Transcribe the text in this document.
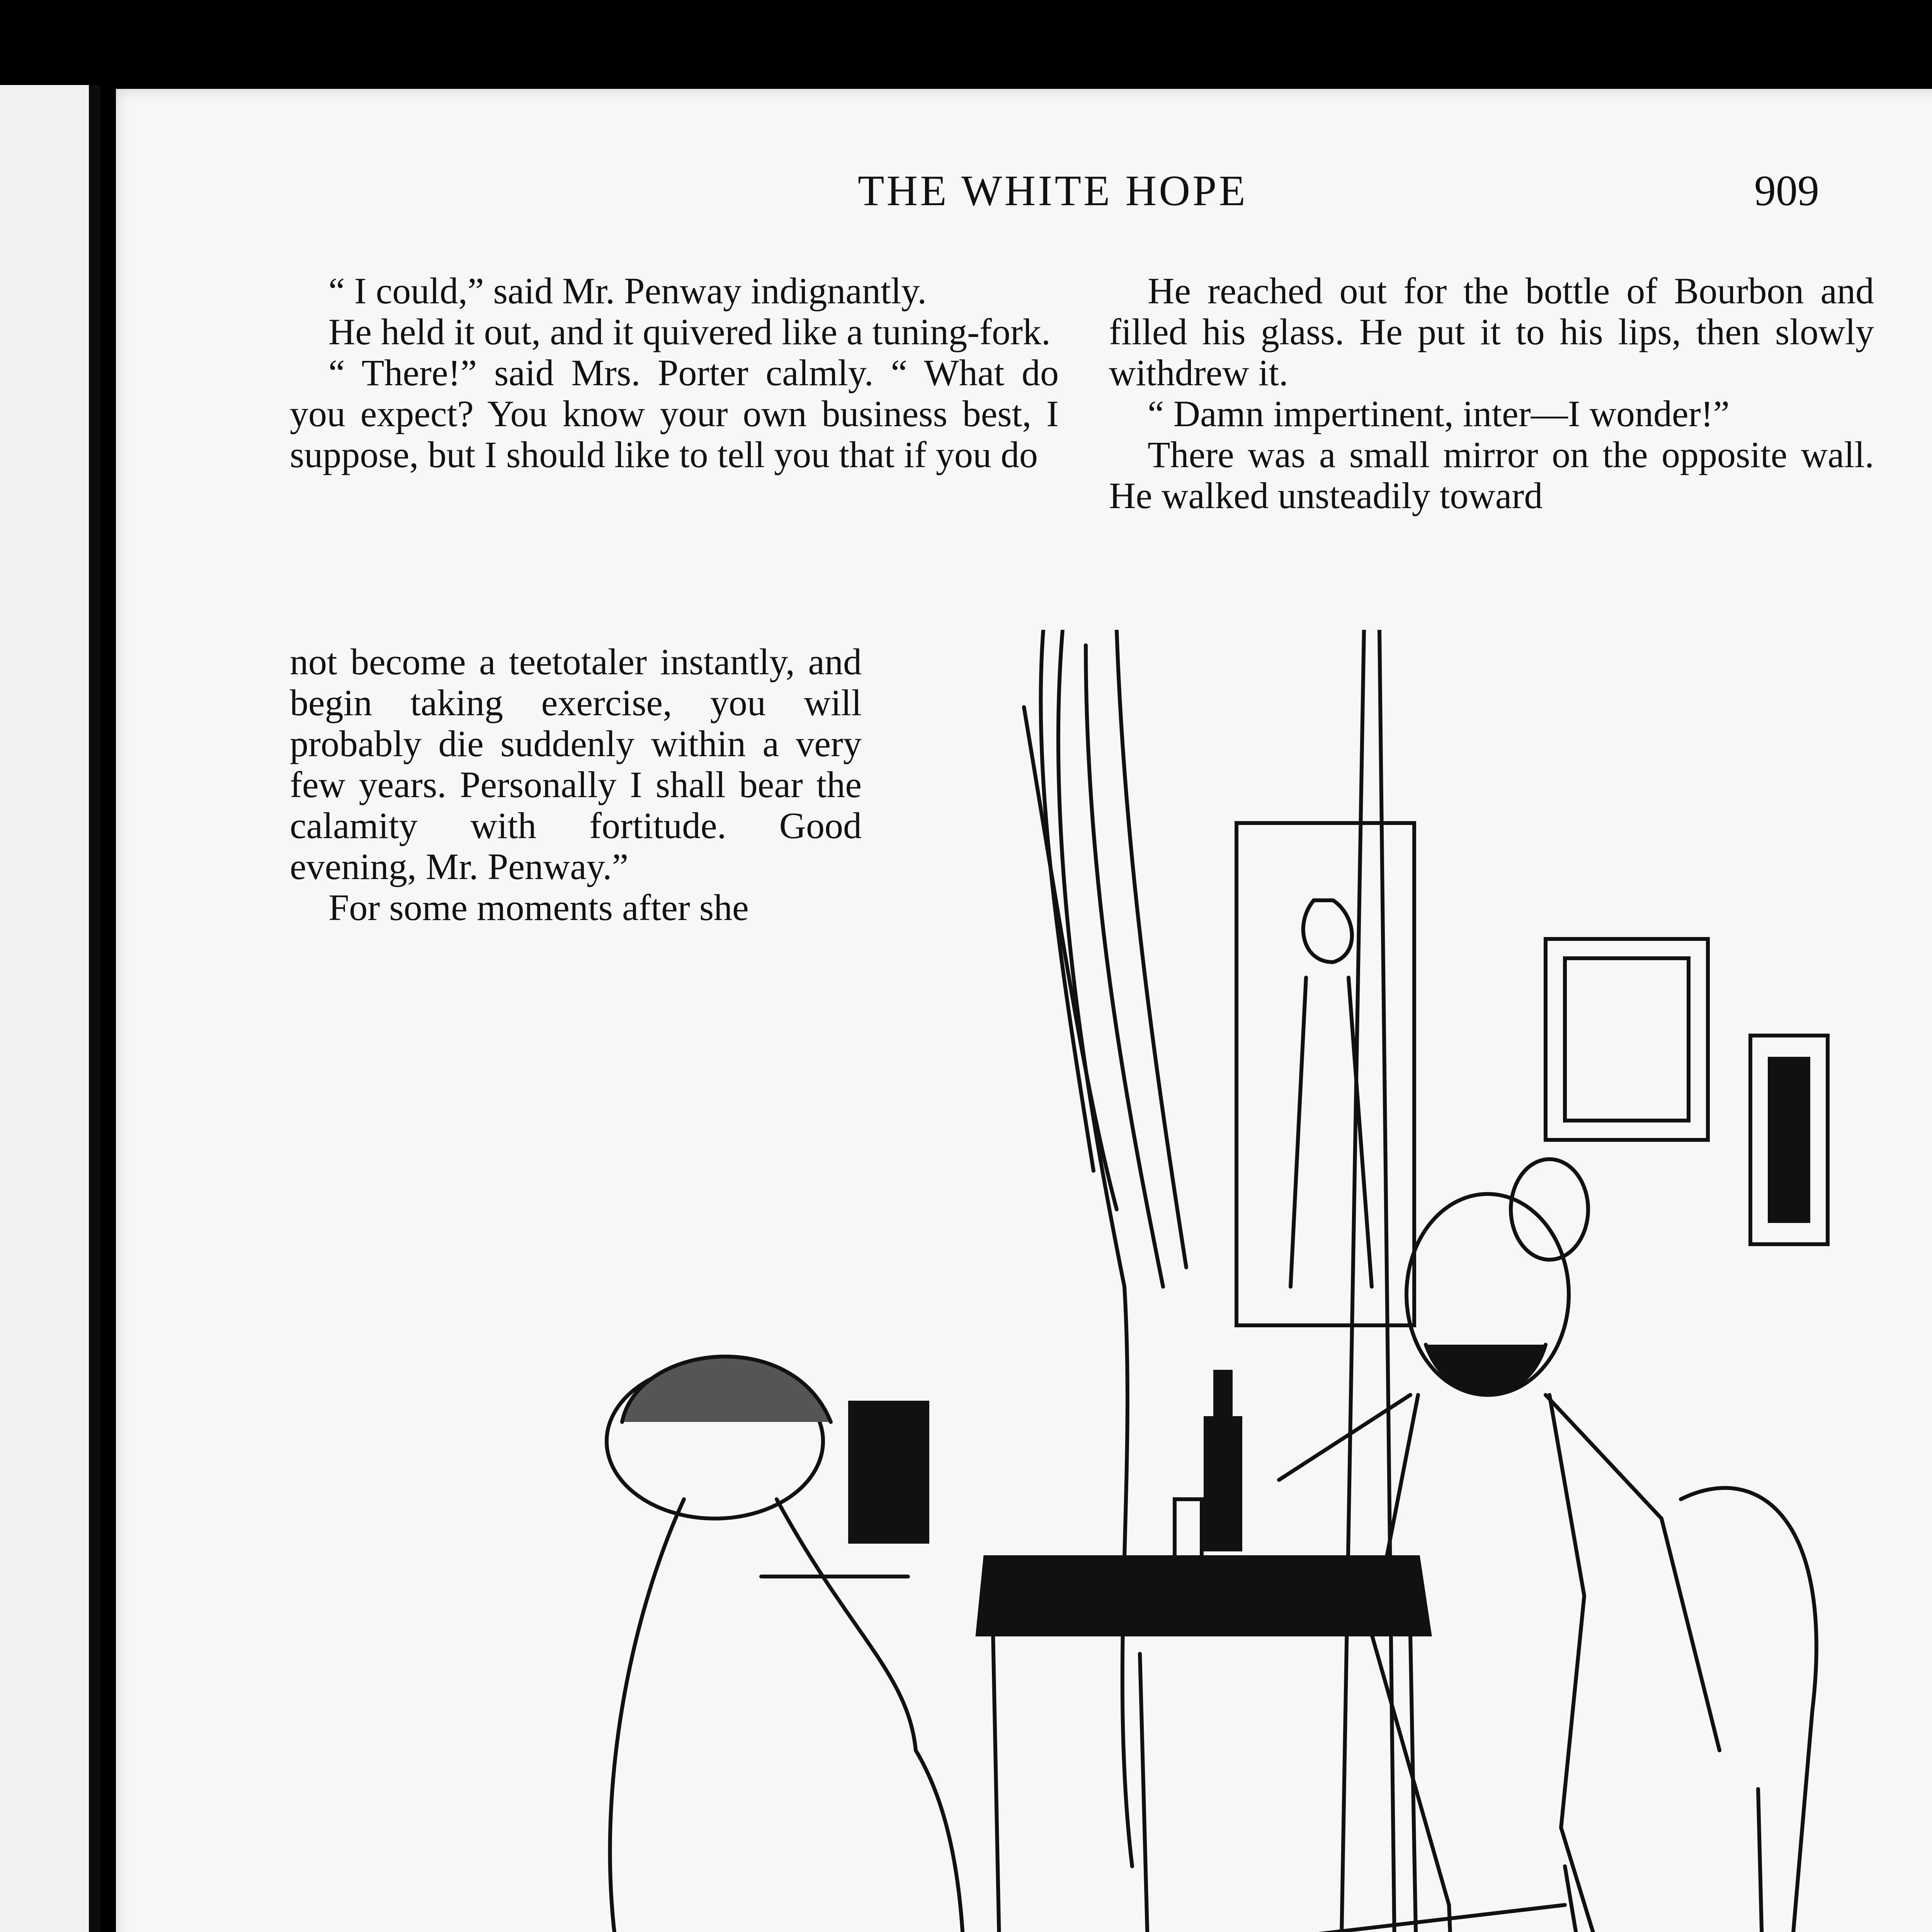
THE WHITE HOPE	909

“ I could,” said Mr. Penway indignantly.

He held it out, and it quivered like a tuning-fork.

“ There!” said Mrs. Porter calmly. “ What do you expect? You know your own business best, I suppose, but I should like to tell you that if you do

not become a teetotaler instantly, and begin taking exercise, you will probably die suddenly within a very few years. Personally I shall bear the calamity with fortitude. Good evening, Mr. Penway.”

For some moments after she

He reached out for the bottle of Bourbon and filled his glass. He put it to his lips, then slowly withdrew it.

“ Damn impertinent, inter—I wonder!”

There was a small mirror on the opposite wall. He walked unsteadily toward
